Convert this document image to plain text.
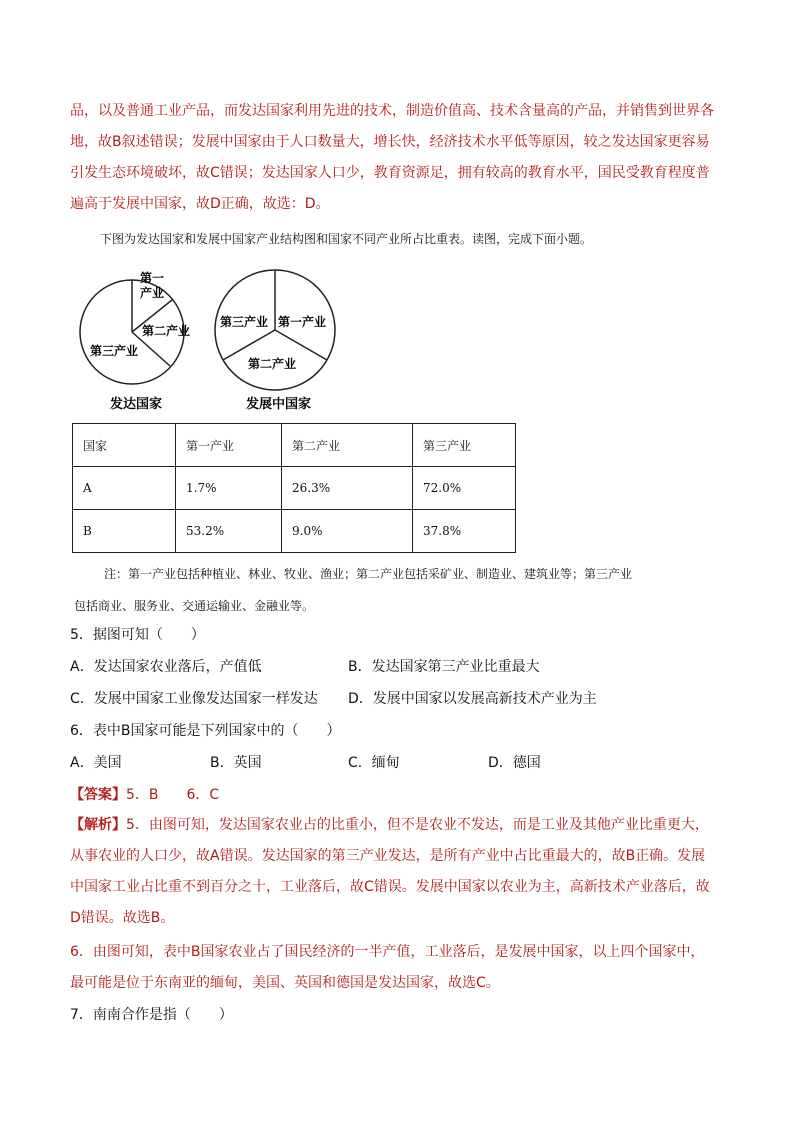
品，以及普通工业产品，而发达国家利用先进的技术，制造价值高、技术含量高的产品，并销售到世界各
地，故B叙述错误；发展中国家由于人口数量大，增长快，经济技术水平低等原因，较之发达国家更容易
引发生态环境破坏，故C错误；发达国家人口少，教育资源足，拥有较高的教育水平，国民受教育程度普
遍高于发展中国家，故D正确，故选：D。
下图为发达国家和发展中国家产业结构图和国家不同产业所占比重表。读图，完成下面小题。
第一
产业
第二产业
第三产业
发达国家
第三产业 第一产业
第二产业
发展中国家
国家	第一产业	第二产业	第三产业
A	1.7%	26.3%	72.0%
B	53.2%	9.0%	37.8%
注：第一产业包括种植业、林业、牧业、渔业；第二产业包括采矿业、制造业、建筑业等；第三产业
包括商业、服务业、交通运输业、金融业等。
5．据图可知（　　）
A．发达国家农业落后，产值低	B．发达国家第三产业比重最大
C．发展中国家工业像发达国家一样发达 D．发展中国家以发展高新技术产业为主
6．表中B国家可能是下列国家中的（　　）
A．美国	B．英国	C．缅甸	D．德国
【答案】5．B　　6．C
【解析】5．由图可知，发达国家农业占的比重小，但不是农业不发达，而是工业及其他产业比重更大，
从事农业的人口少，故A错误。发达国家的第三产业发达，是所有产业中占比重最大的，故B正确。发展
中国家工业占比重不到百分之十，工业落后，故C错误。发展中国家以农业为主，高新技术产业落后，故
D错误。故选B。
6．由图可知，表中B国家农业占了国民经济的一半产值，工业落后，是发展中国家，以上四个国家中，
最可能是位于东南亚的缅甸，美国、英国和德国是发达国家，故选C。
7．南南合作是指（　　）
